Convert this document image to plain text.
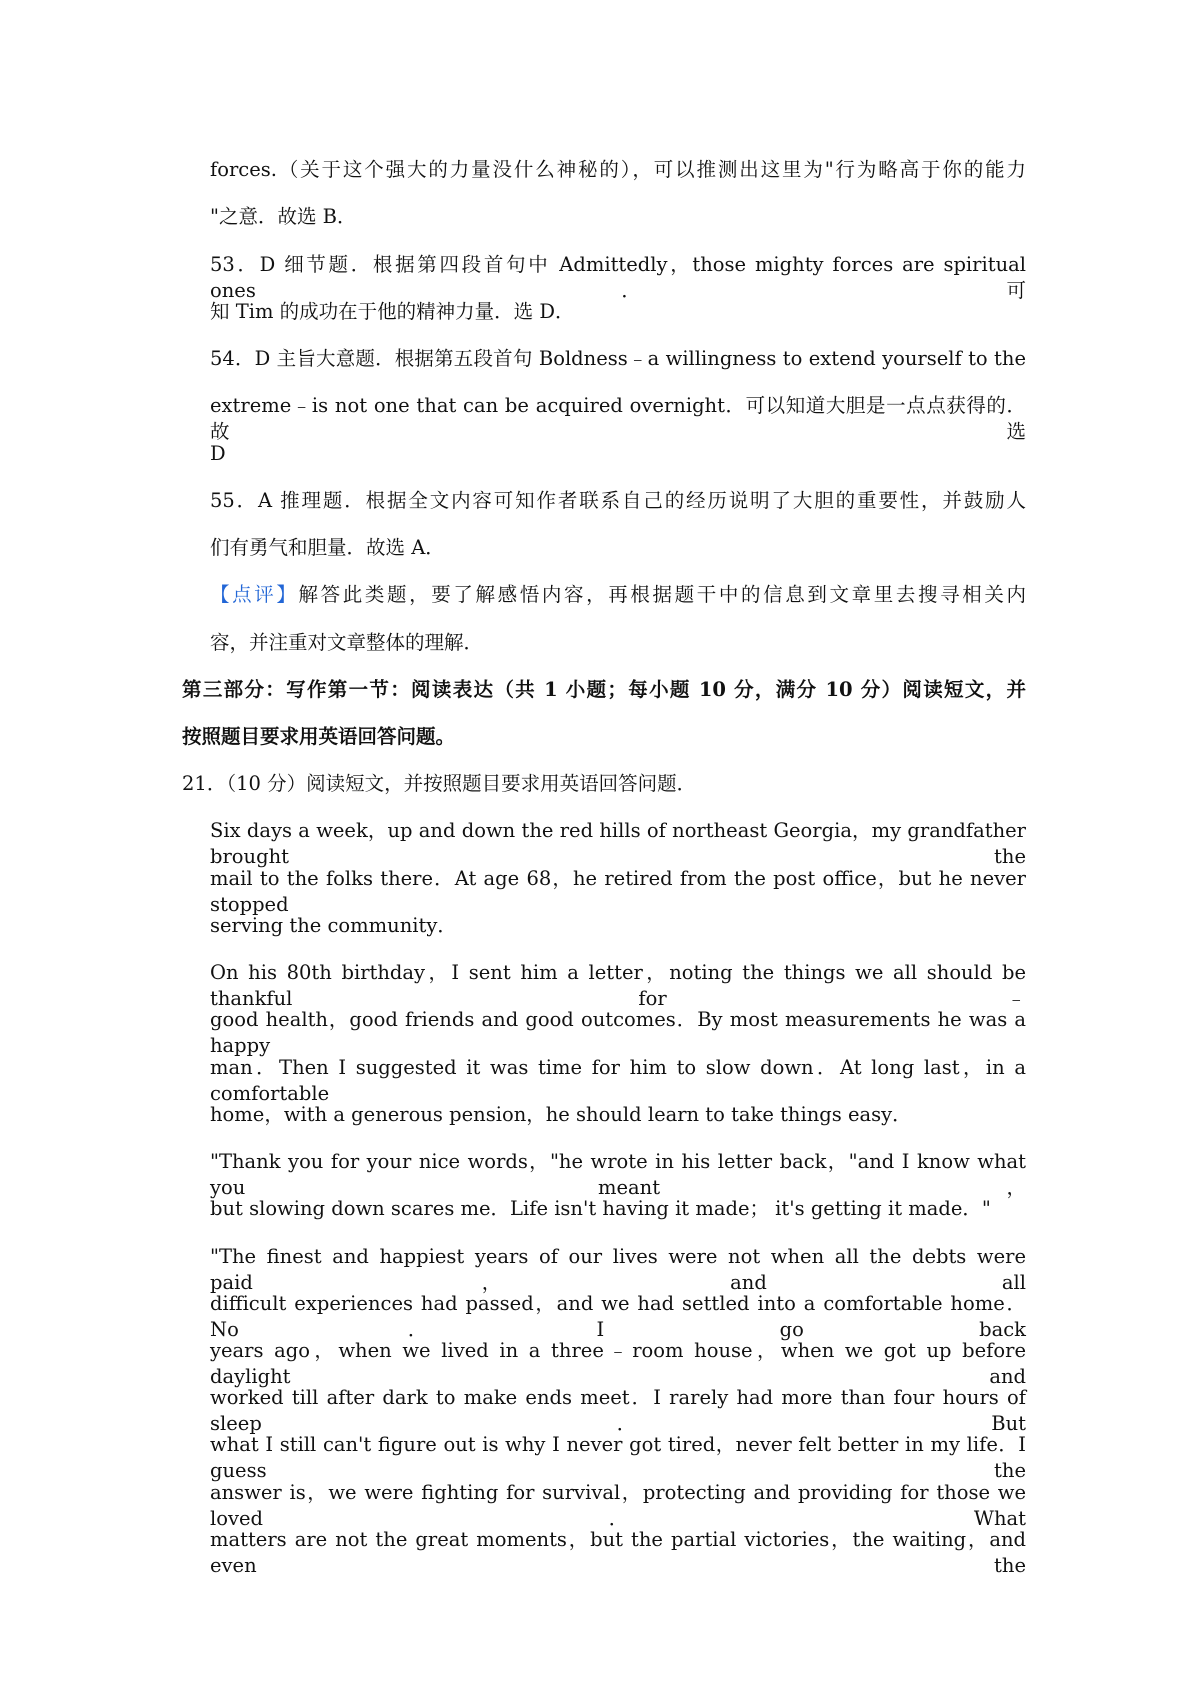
forces.（关于这个强大的力量没什么神秘的），可以推测出这里为"行为略高于你的能力
"之意．故选 B．
53．D 细节题．根据第四段首句中 Admittedly，those mighty forces are spiritual ones．可
知 Tim 的成功在于他的精神力量．选 D．
54．D 主旨大意题．根据第五段首句 Boldness﹣a willingness to extend yourself to the
extreme﹣is not one that can be acquired overnight．可以知道大胆是一点点获得的．故选
D
55．A 推理题．根据全文内容可知作者联系自己的经历说明了大胆的重要性，并鼓励人
们有勇气和胆量．故选 A．
【点评】解答此类题，要了解感悟内容，再根据题干中的信息到文章里去搜寻相关内
容，并注重对文章整体的理解．
第三部分：写作第一节：阅读表达（共 1 小题；每小题 10 分，满分 10 分）阅读短文，并
按照题目要求用英语回答问题。
21．（10 分）阅读短文，并按照题目要求用英语回答问题．
Six days a week，up and down the red hills of northeast Georgia，my grandfather brought the
mail to the folks there．At age 68，he retired from the post office，but he never stopped
serving the community．
On his 80th birthday，I sent him a letter，noting the things we all should be thankful for﹣
good health，good friends and good outcomes．By most measurements he was a happy
man．Then I suggested it was time for him to slow down．At long last，in a comfortable
home，with a generous pension，he should learn to take things easy．
"Thank you for your nice words，"he wrote in his letter back，"and I know what you meant，
but slowing down scares me．Life isn't having it made； it's getting it made．"
"The finest and happiest years of our lives were not when all the debts were paid，and all
difficult experiences had passed，and we had settled into a comfortable home．No．I go back
years ago，when we lived in a three﹣room house，when we got up before daylight and
worked till after dark to make ends meet．I rarely had more than four hours of sleep．But
what I still can't figure out is why I never got tired，never felt better in my life．I guess the
answer is，we were fighting for survival，protecting and providing for those we loved．What
matters are not the great moments，but the partial victories，the waiting，and even the
